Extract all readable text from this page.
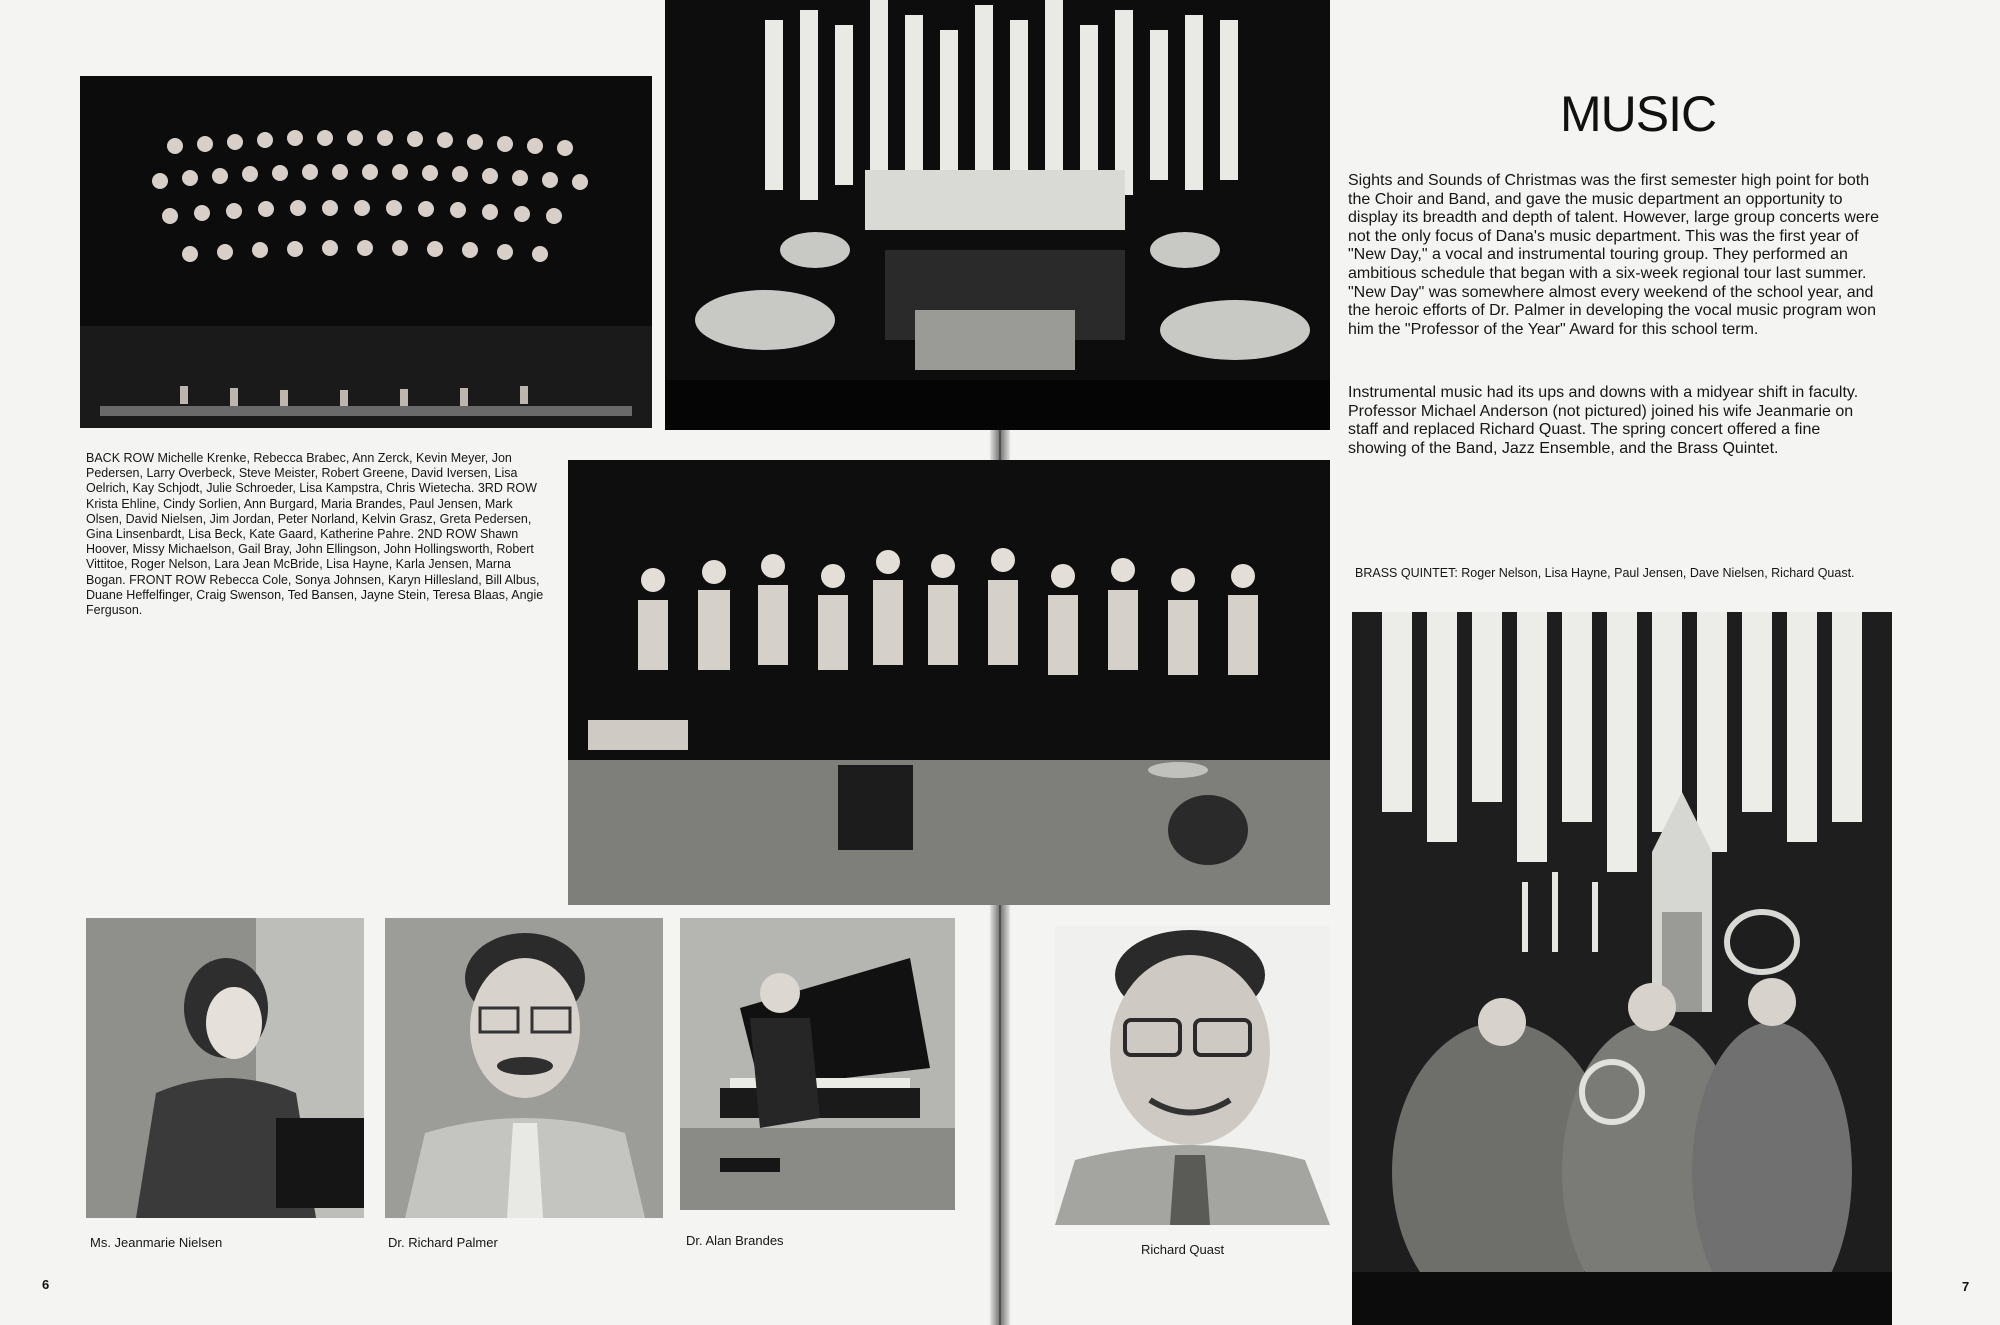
BACK ROW Michelle Krenke, Rebecca Brabec, Ann Zerck, Kevin Meyer, Jon Pedersen, Larry Overbeck, Steve Meister, Robert Greene, David Iversen, Lisa Oelrich, Kay Schjodt, Julie Schroeder, Lisa Kampstra, Chris Wietecha. 3RD ROW Krista Ehline, Cindy Sorlien, Ann Burgard, Maria Brandes, Paul Jensen, Mark Olsen, David Nielsen, Jim Jordan, Peter Norland, Kelvin Grasz, Greta Pedersen, Gina Linsenbardt, Lisa Beck, Kate Gaard, Katherine Pahre. 2ND ROW Shawn Hoover, Missy Michaelson, Gail Bray, John Ellingson, John Hollingsworth, Robert Vittitoe, Roger Nelson, Lara Jean McBride, Lisa Hayne, Karla Jensen, Marna Bogan. FRONT ROW Rebecca Cole, Sonya Johnsen, Karyn Hillesland, Bill Albus, Duane Heffelfinger, Craig Swenson, Ted Bansen, Jayne Stein, Teresa Blaas, Angie Ferguson.
Ms. Jeanmarie Nielsen	Dr. Richard Palmer	Dr. Alan Brandes
Richard Quast
MUSIC
Sights and Sounds of Christmas was the first semester high point for both the Choir and Band, and gave the music department an opportunity to display its breadth and depth of talent. However, large group concerts were not the only focus of Dana's music department. This was the first year of "New Day," a vocal and instrumental touring group. They performed an ambitious schedule that began with a six-week regional tour last summer. "New Day" was somewhere almost every weekend of the school year, and the heroic efforts of Dr. Palmer in developing the vocal music program won him the "Professor of the Year" Award for this school term.
Instrumental music had its ups and downs with a midyear shift in faculty. Professor Michael Anderson (not pictured) joined his wife Jeanmarie on staff and replaced Richard Quast. The spring concert offered a fine showing of the Band, Jazz Ensemble, and the Brass Quintet.
BRASS QUINTET: Roger Nelson, Lisa Hayne, Paul Jensen, Dave Nielsen, Richard Quast.
6	7
